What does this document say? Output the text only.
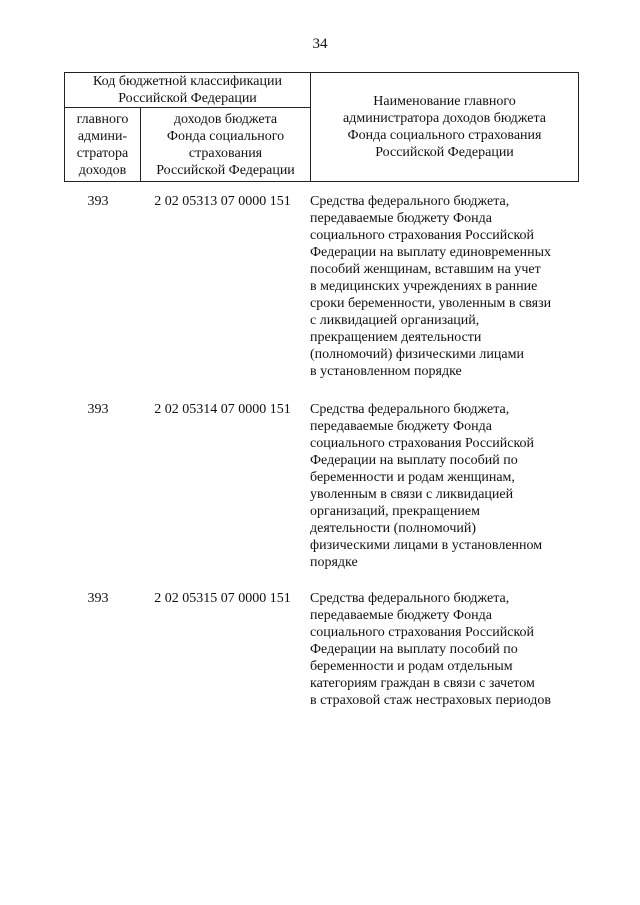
34
Код бюджетной классификации
Российской Федерации		Наименование главного
администратора доходов бюджета
Фонда социального страхования
Российской Федерации

главного
админи-
стратора
доходов	доходов бюджета
Фонда социального
страхования
Российской Федерации	
393	2 02 05313 07 0000 151	Средства федерального бюджета,
передаваемые бюджету Фонда
социального страхования Российской
Федерации на выплату единовременных
пособий женщинам, вставшим на учет
в медицинских учреждениях в ранние
сроки беременности, уволенным в связи
с ликвидацией организаций,
прекращением деятельности
(полномочий) физическими лицами
в установленном порядке
393	2 02 05314 07 0000 151	Средства федерального бюджета,
передаваемые бюджету Фонда
социального страхования Российской
Федерации на выплату пособий по
беременности и родам женщинам,
уволенным в связи с ликвидацией
организаций, прекращением
деятельности (полномочий)
физическими лицами в установленном
порядке
393	2 02 05315 07 0000 151	Средства федерального бюджета,
передаваемые бюджету Фонда
социального страхования Российской
Федерации на выплату пособий по
беременности и родам отдельным
категориям граждан в связи с зачетом
в страховой стаж нестраховых периодов
